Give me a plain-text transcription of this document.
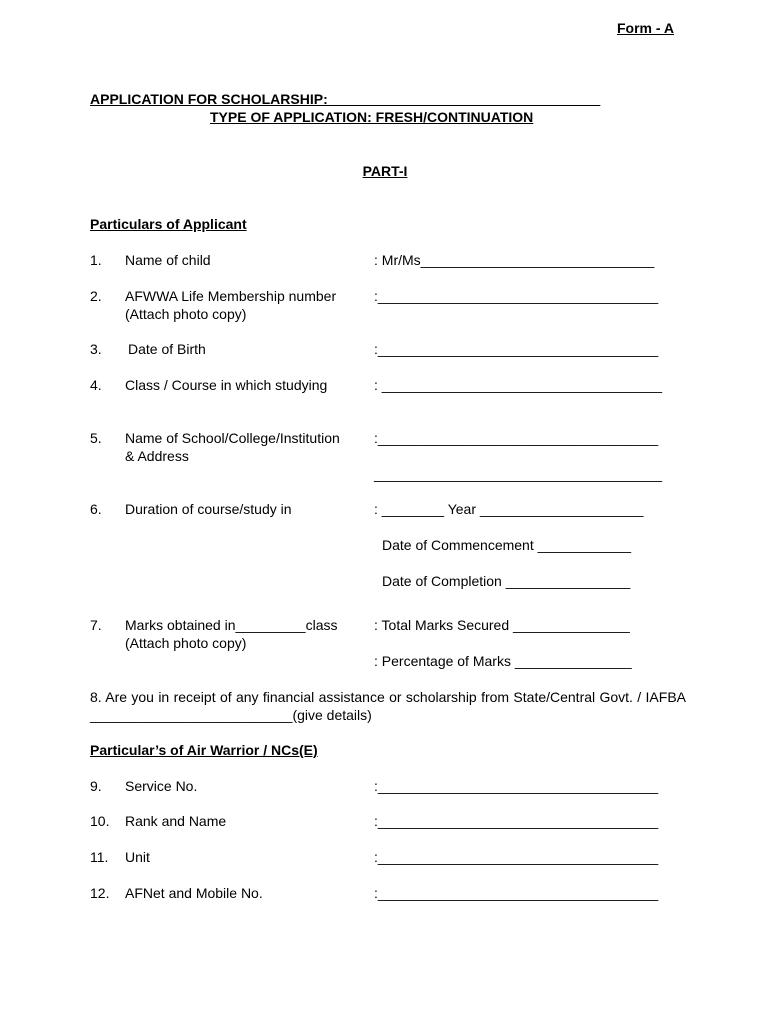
Form - A
APPLICATION FOR SCHOLARSHIP:___________________________________
TYPE OF APPLICATION: FRESH/CONTINUATION
PART-I
Particulars of Applicant
1. Name of child	: Mr/Ms______________________________
2. AFWWA Life Membership number
(Attach photo copy)
:____________________________________
3. Date of Birth	:____________________________________
4. Class / Course in which studying	: ____________________________________
5. Name of School/College/Institution
& Address
:____________________________________
_____________________________________
6. Duration of course/study in	: ________ Year _____________________
Date of Commencement ____________
Date of Completion ________________
7. Marks obtained in_________class
(Attach photo copy)
: Total Marks Secured _______________
: Percentage of Marks _______________
8. Are you in receipt of any financial assistance or scholarship from State/Central Govt. / IAFBA __________________________(give details)
Particular’s of Air Warrior / NCs(E)
9. Service No.	:____________________________________
10. Rank and Name	:____________________________________
11. Unit	:____________________________________
12. AFNet and Mobile No.	:____________________________________
